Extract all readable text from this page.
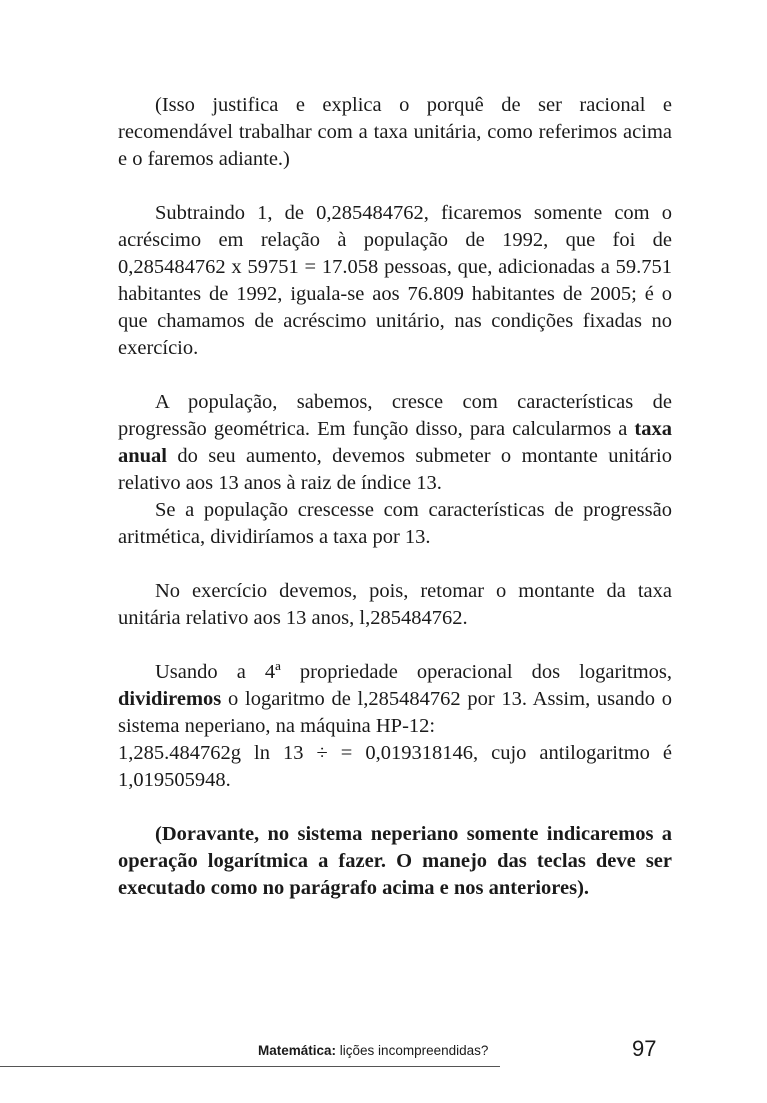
(Isso justifica e explica o porquê de ser racional e recomendável trabalhar com a taxa unitária, como referimos acima e o faremos adiante.)

Subtraindo 1, de 0,285484762, ficaremos somente com o acréscimo em relação à população de 1992, que foi de 0,285484762 x 59751 = 17.058 pessoas, que, adicionadas a 59.751 habitantes de 1992, iguala-se aos 76.809 habitantes de 2005; é o que chamamos de acréscimo unitário, nas condições fixadas no exercício.

A população, sabemos, cresce com características de progressão geométrica. Em função disso, para calcularmos a taxa anual do seu aumento, devemos submeter o montante unitário relativo aos 13 anos à raiz de índice 13.

Se a população crescesse com características de progressão aritmética, dividiríamos a taxa por 13.

No exercício devemos, pois, retomar o montante da taxa unitária relativo aos 13 anos, l,285484762.

Usando a 4ª propriedade operacional dos logaritmos, dividiremos o logaritmo de l,285484762 por 13. Assim, usando o sistema neperiano, na máquina HP-12:

1,285.484762g ln 13 ÷ = 0,019318146, cujo antilogaritmo é 1,019505948.

(Doravante, no sistema neperiano somente indicaremos a operação logarítmica a fazer. O manejo das teclas deve ser executado como no parágrafo acima e nos anteriores).

Matemática: lições incompreendidas?	97
